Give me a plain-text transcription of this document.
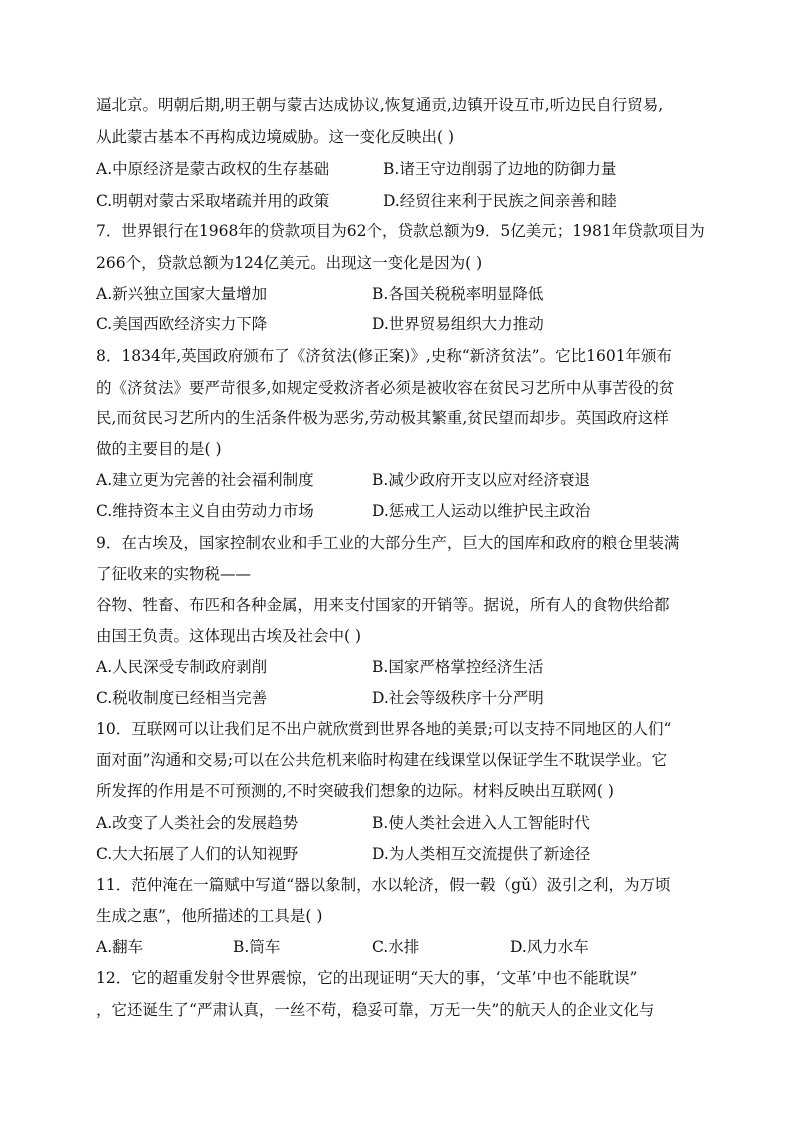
逼北京。明朝后期,明王朝与蒙古达成协议,恢复通贡,边镇开设互市,听边民自行贸易,
从此蒙古基本不再构成边境威胁。这一变化反映出( )
A.中原经济是蒙古政权的生存基础	B.诸王守边削弱了边地的防御力量
C.明朝对蒙古采取堵疏并用的政策	D.经贸往来利于民族之间亲善和睦
7．世界银行在1968年的贷款项目为62个，贷款总额为9．5亿美元；1981年贷款项目为
266个，贷款总额为124亿美元。出现这一变化是因为( )
A.新兴独立国家大量增加	B.各国关税税率明显降低
C.美国西欧经济实力下降	D.世界贸易组织大力推动
8．1834年,英国政府颁布了《济贫法(修正案)》,史称“新济贫法”。它比1601年颁布
的《济贫法》要严苛很多,如规定受救济者必须是被收容在贫民习艺所中从事苦役的贫
民,而贫民习艺所内的生活条件极为恶劣,劳动极其繁重,贫民望而却步。英国政府这样
做的主要目的是( )
A.建立更为完善的社会福利制度	B.减少政府开支以应对经济衰退
C.维持资本主义自由劳动力市场	D.惩戒工人运动以维护民主政治
9．在古埃及，国家控制农业和手工业的大部分生产，巨大的国库和政府的粮仓里装满
了征收来的实物税——
谷物、牲畜、布匹和各种金属，用来支付国家的开销等。据说，所有人的食物供给都
由国王负责。这体现出古埃及社会中( )
A.人民深受专制政府剥削	B.国家严格掌控经济生活
C.税收制度已经相当完善	D.社会等级秩序十分严明
10．互联网可以让我们足不出户就欣赏到世界各地的美景;可以支持不同地区的人们“
面对面”沟通和交易;可以在公共危机来临时构建在线课堂以保证学生不耽误学业。它
所发挥的作用是不可预测的,不时突破我们想象的边际。材料反映出互联网( )
A.改变了人类社会的发展趋势	B.使人类社会进入人工智能时代
C.大大拓展了人们的认知视野	D.为人类相互交流提供了新途径
11．范仲淹在一篇赋中写道“器以象制，水以轮济，假一毂（gǔ）汲引之利，为万顷
生成之惠”，他所描述的工具是( )
A.翻车	B.筒车	C.水排	D.风力水车
12．它的超重发射令世界震惊，它的出现证明“天大的事，‘文革’中也不能耽误”
，它还诞生了“严肃认真，一丝不苟，稳妥可靠，万无一失”的航天人的企业文化与
